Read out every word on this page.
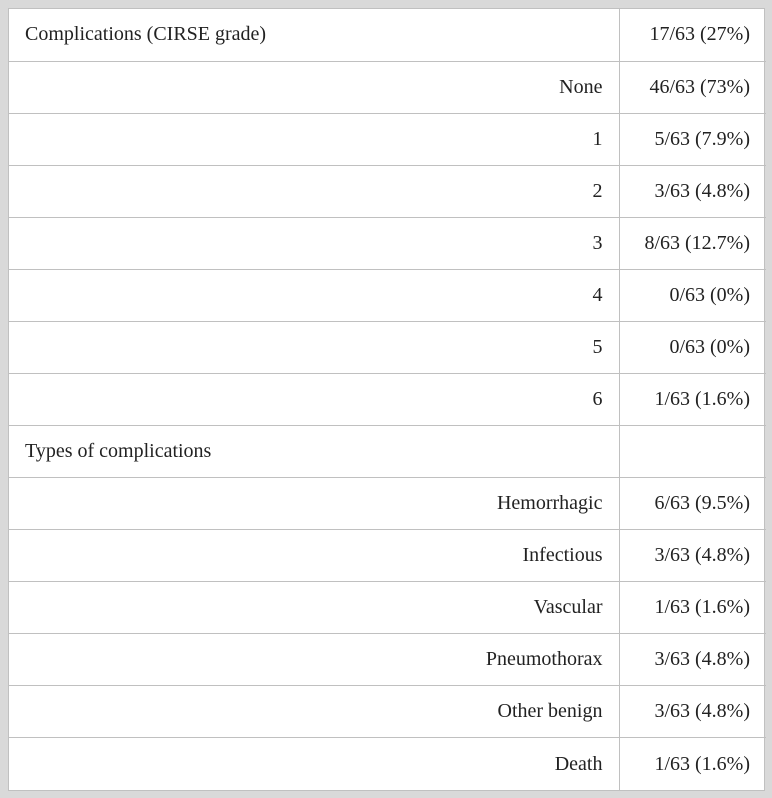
Complications (CIRSE grade)	17/63 (27%)
None	46/63 (73%)
1	5/63 (7.9%)
2	3/63 (4.8%)
3	8/63 (12.7%)
4	0/63 (0%)
5	0/63 (0%)
6	1/63 (1.6%)
Types of complications	
Hemorrhagic	6/63 (9.5%)
Infectious	3/63 (4.8%)
Vascular	1/63 (1.6%)
Pneumothorax	3/63 (4.8%)
Other benign	3/63 (4.8%)
Death	1/63 (1.6%)
